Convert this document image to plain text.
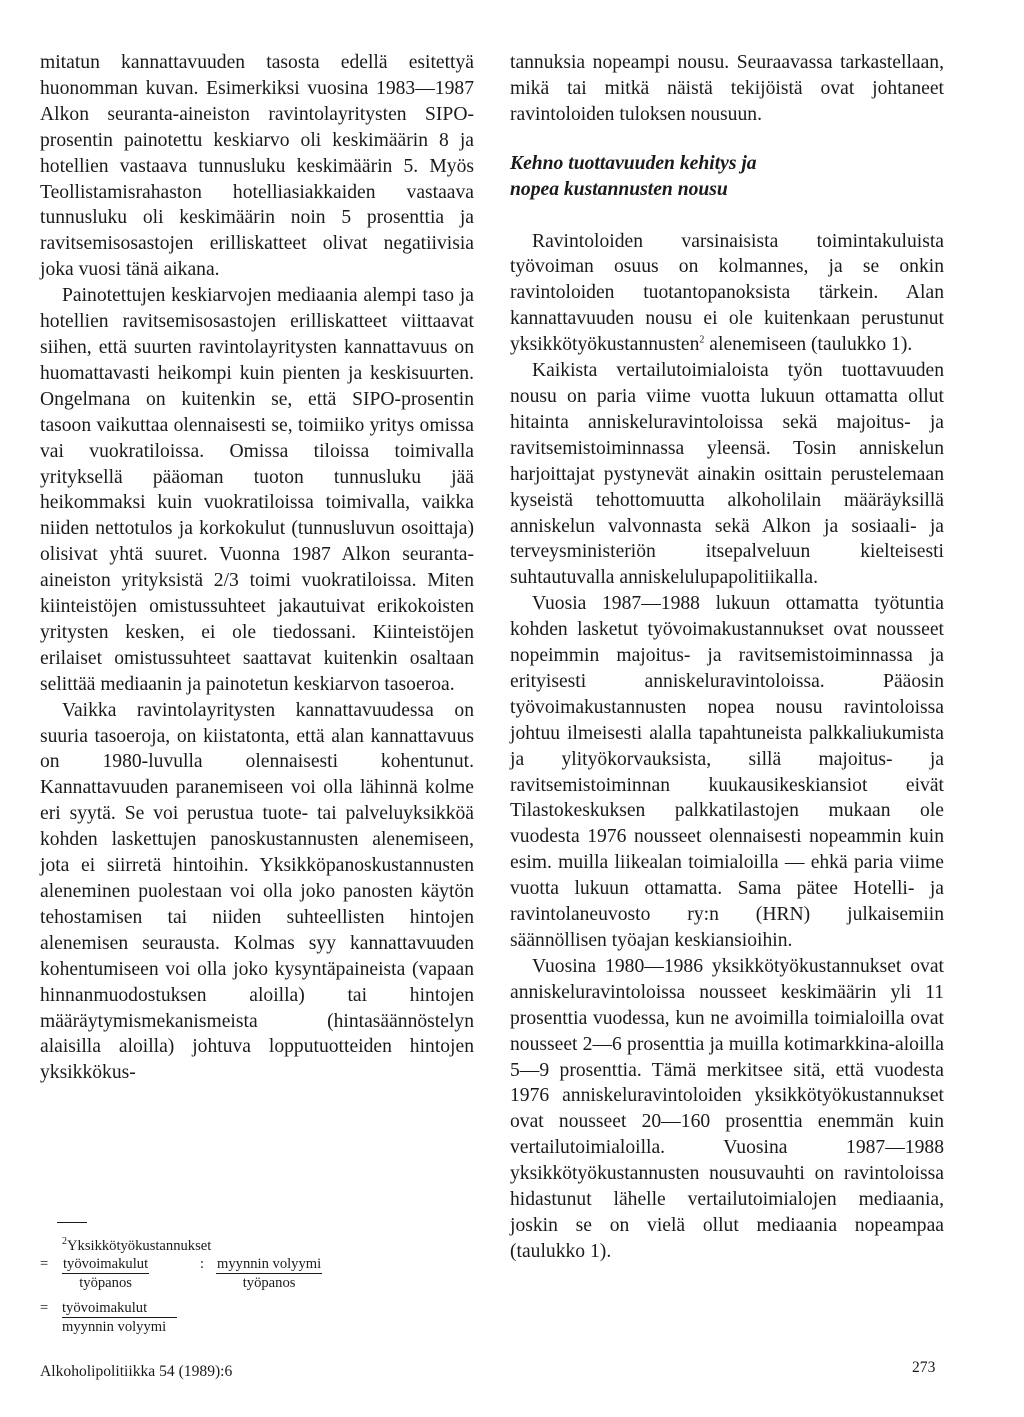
mitatun kannattavuuden tasosta edellä esitettyä huonomman kuvan. Esimerkiksi vuosina 1983—1987 Alkon seuranta-aineiston ravintolayritysten SIPO-prosentin painotettu keskiarvo oli keskimäärin 8 ja hotellien vastaava tunnusluku keskimäärin 5. Myös Teollistamisrahaston hotelliasiakkaiden vastaava tunnusluku oli keskimäärin noin 5 prosenttia ja ravitsemisosastojen erilliskatteet olivat negatiivisia joka vuosi tänä aikana.

Painotettujen keskiarvojen mediaania alempi taso ja hotellien ravitsemisosastojen erilliskatteet viittaavat siihen, että suurten ravintolayritysten kannattavuus on huomattavasti heikompi kuin pienten ja keskisuurten. Ongelmana on kuitenkin se, että SIPO-prosentin tasoon vaikuttaa olennaisesti se, toimiiko yritys omissa vai vuokratiloissa. Omissa tiloissa toimivalla yrityksellä pääoman tuoton tunnusluku jää heikommaksi kuin vuokratiloissa toimivalla, vaikka niiden nettotulos ja korkokulut (tunnusluvun osoittaja) olisivat yhtä suuret. Vuonna 1987 Alkon seuranta-aineiston yrityksistä 2/3 toimi vuokratiloissa. Miten kiinteistöjen omistussuhteet jakautuivat erikokoisten yritysten kesken, ei ole tiedossani. Kiinteistöjen erilaiset omistussuhteet saattavat kuitenkin osaltaan selittää mediaanin ja painotetun keskiarvon tasoeroa.

Vaikka ravintolayritysten kannattavuudessa on suuria tasoeroja, on kiistatonta, että alan kannattavuus on 1980-luvulla olennaisesti kohentunut. Kannattavuuden paranemiseen voi olla lähinnä kolme eri syytä. Se voi perustua tuote- tai palveluyksikköä kohden laskettujen panoskustannusten alenemiseen, jota ei siirretä hintoihin. Yksikköpanoskustannusten aleneminen puolestaan voi olla joko panosten käytön tehostamisen tai niiden suhteellisten hintojen alenemisen seurausta. Kolmas syy kannattavuuden kohentumiseen voi olla joko kysyntäpaineista (vapaan hinnanmuodostuksen aloilla) tai hintojen määräytymismekanismeista (hintasäännöstelyn alaisilla aloilla) johtuva lopputuotteiden hintojen yksikkökus-

$^2$Yksikkötyökustannukset
= työvoimakulut
työpanos
: myynnin volyymi
työpanos
= työvoimakulut
myynnin volyymi

tannuksia nopeampi nousu. Seuraavassa tarkastellaan, mikä tai mitkä näistä tekijöistä ovat johtaneet ravintoloiden tuloksen nousuun.

Kehno tuottavuuden kehitys ja
nopea kustannusten nousu

Ravintoloiden varsinaisista toimintakuluista työvoiman osuus on kolmannes, ja se onkin ravintoloiden tuotantopanoksista tärkein. Alan kannattavuuden nousu ei ole kuitenkaan perustunut yksikkötyökustannusten$^2$ alenemiseen (taulukko 1).

Kaikista vertailutoimialoista työn tuottavuuden nousu on paria viime vuotta lukuun ottamatta ollut hitainta anniskeluravintoloissa sekä majoitus- ja ravitsemistoiminnassa yleensä. Tosin anniskelun harjoittajat pystynevät ainakin osittain perustelemaan kyseistä tehottomuutta alkoholilain määräyksillä anniskelun valvonnasta sekä Alkon ja sosiaali- ja terveysministeriön itsepalveluun kielteisesti suhtautuvalla anniskelulupapolitiikalla.

Vuosia 1987—1988 lukuun ottamatta työtuntia kohden lasketut työvoimakustannukset ovat nousseet nopeimmin majoitus- ja ravitsemistoiminnassa ja erityisesti anniskeluravintoloissa. Pääosin työvoimakustannusten nopea nousu ravintoloissa johtuu ilmeisesti alalla tapahtuneista palkkaliukumista ja ylityökorvauksista, sillä majoitus- ja ravitsemistoiminnan kuukausikeskiansiot eivät Tilastokeskuksen palkkatilastojen mukaan ole vuodesta 1976 nousseet olennaisesti nopeammin kuin esim. muilla liikealan toimialoilla — ehkä paria viime vuotta lukuun ottamatta. Sama pätee Hotelli- ja ravintolaneuvosto ry:n (HRN) julkaisemiin säännöllisen työajan keskiansioihin.

Vuosina 1980—1986 yksikkötyökustannukset ovat anniskeluravintoloissa nousseet keskimäärin yli 11 prosenttia vuodessa, kun ne avoimilla toimialoilla ovat nousseet 2—6 prosenttia ja muilla kotimarkkina-aloilla 5—9 prosenttia. Tämä merkitsee sitä, että vuodesta 1976 anniskeluravintoloiden yksikkötyökustannukset ovat nousseet 20—160 prosenttia enemmän kuin vertailutoimialoilla. Vuosina 1987—1988 yksikkötyökustannusten nousuvauhti on ravintoloissa hidastunut lähelle vertailutoimialojen mediaania, joskin se on vielä ollut mediaania nopeampaa (taulukko 1).

Alkoholipolitiikka 54 (1989):6	273
